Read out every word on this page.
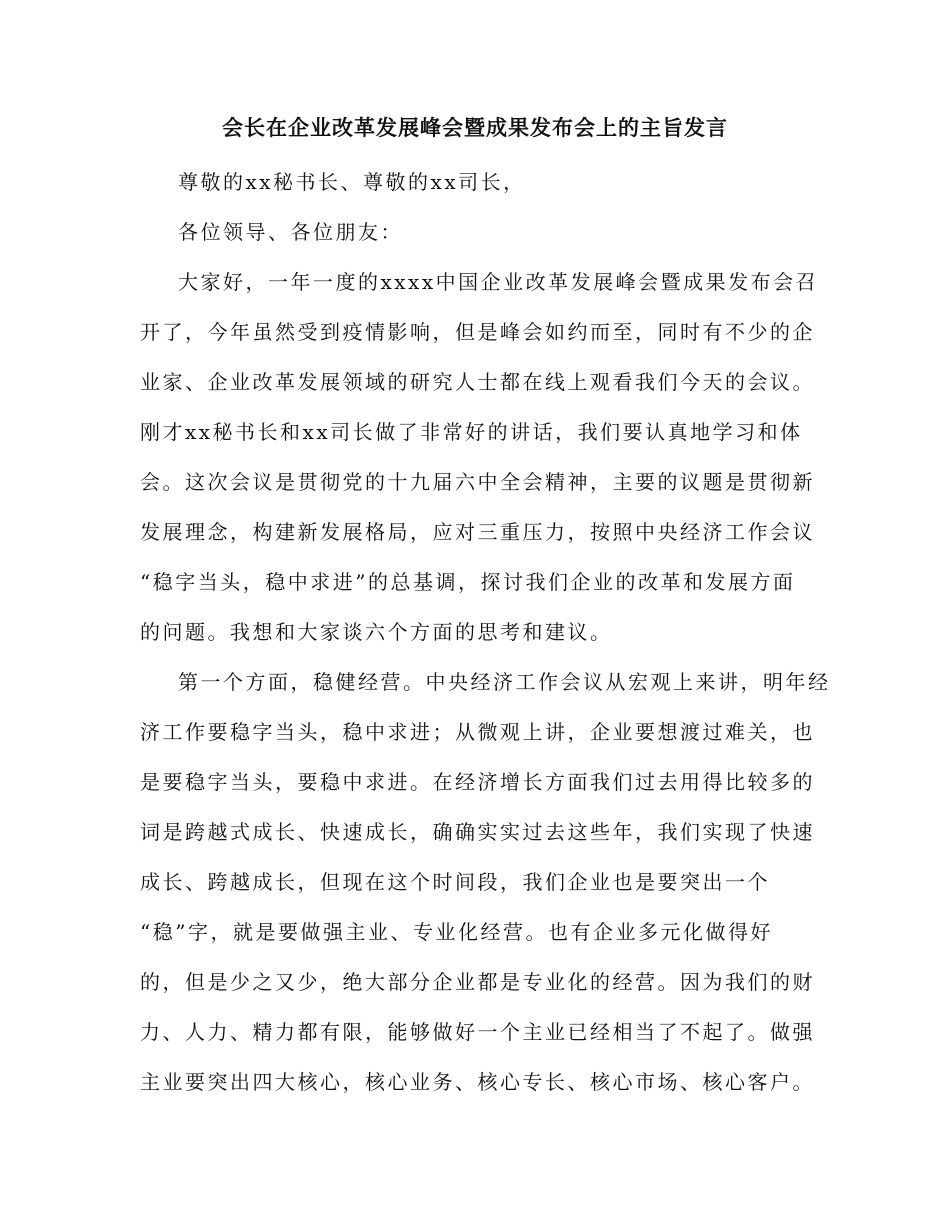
会长在企业改革发展峰会暨成果发布会上的主旨发言
尊敬的xx秘书长、尊敬的xx司长，
各位领导、各位朋友：
大家好，一年一度的xxxx中国企业改革发展峰会暨成果发布会召
开了，今年虽然受到疫情影响，但是峰会如约而至，同时有不少的企
业家、企业改革发展领域的研究人士都在线上观看我们今天的会议。
刚才xx秘书长和xx司长做了非常好的讲话，我们要认真地学习和体
会。这次会议是贯彻党的十九届六中全会精神，主要的议题是贯彻新
发展理念，构建新发展格局，应对三重压力，按照中央经济工作会议
“稳字当头，稳中求进”的总基调，探讨我们企业的改革和发展方面
的问题。我想和大家谈六个方面的思考和建议。
第一个方面，稳健经营。中央经济工作会议从宏观上来讲，明年经
济工作要稳字当头，稳中求进；从微观上讲，企业要想渡过难关，也
是要稳字当头，要稳中求进。在经济增长方面我们过去用得比较多的
词是跨越式成长、快速成长，确确实实过去这些年，我们实现了快速
成长、跨越成长，但现在这个时间段，我们企业也是要突出一个
“稳”字，就是要做强主业、专业化经营。也有企业多元化做得好
的，但是少之又少，绝大部分企业都是专业化的经营。因为我们的财
力、人力、精力都有限，能够做好一个主业已经相当了不起了。做强
主业要突出四大核心，核心业务、核心专长、核心市场、核心客户。
